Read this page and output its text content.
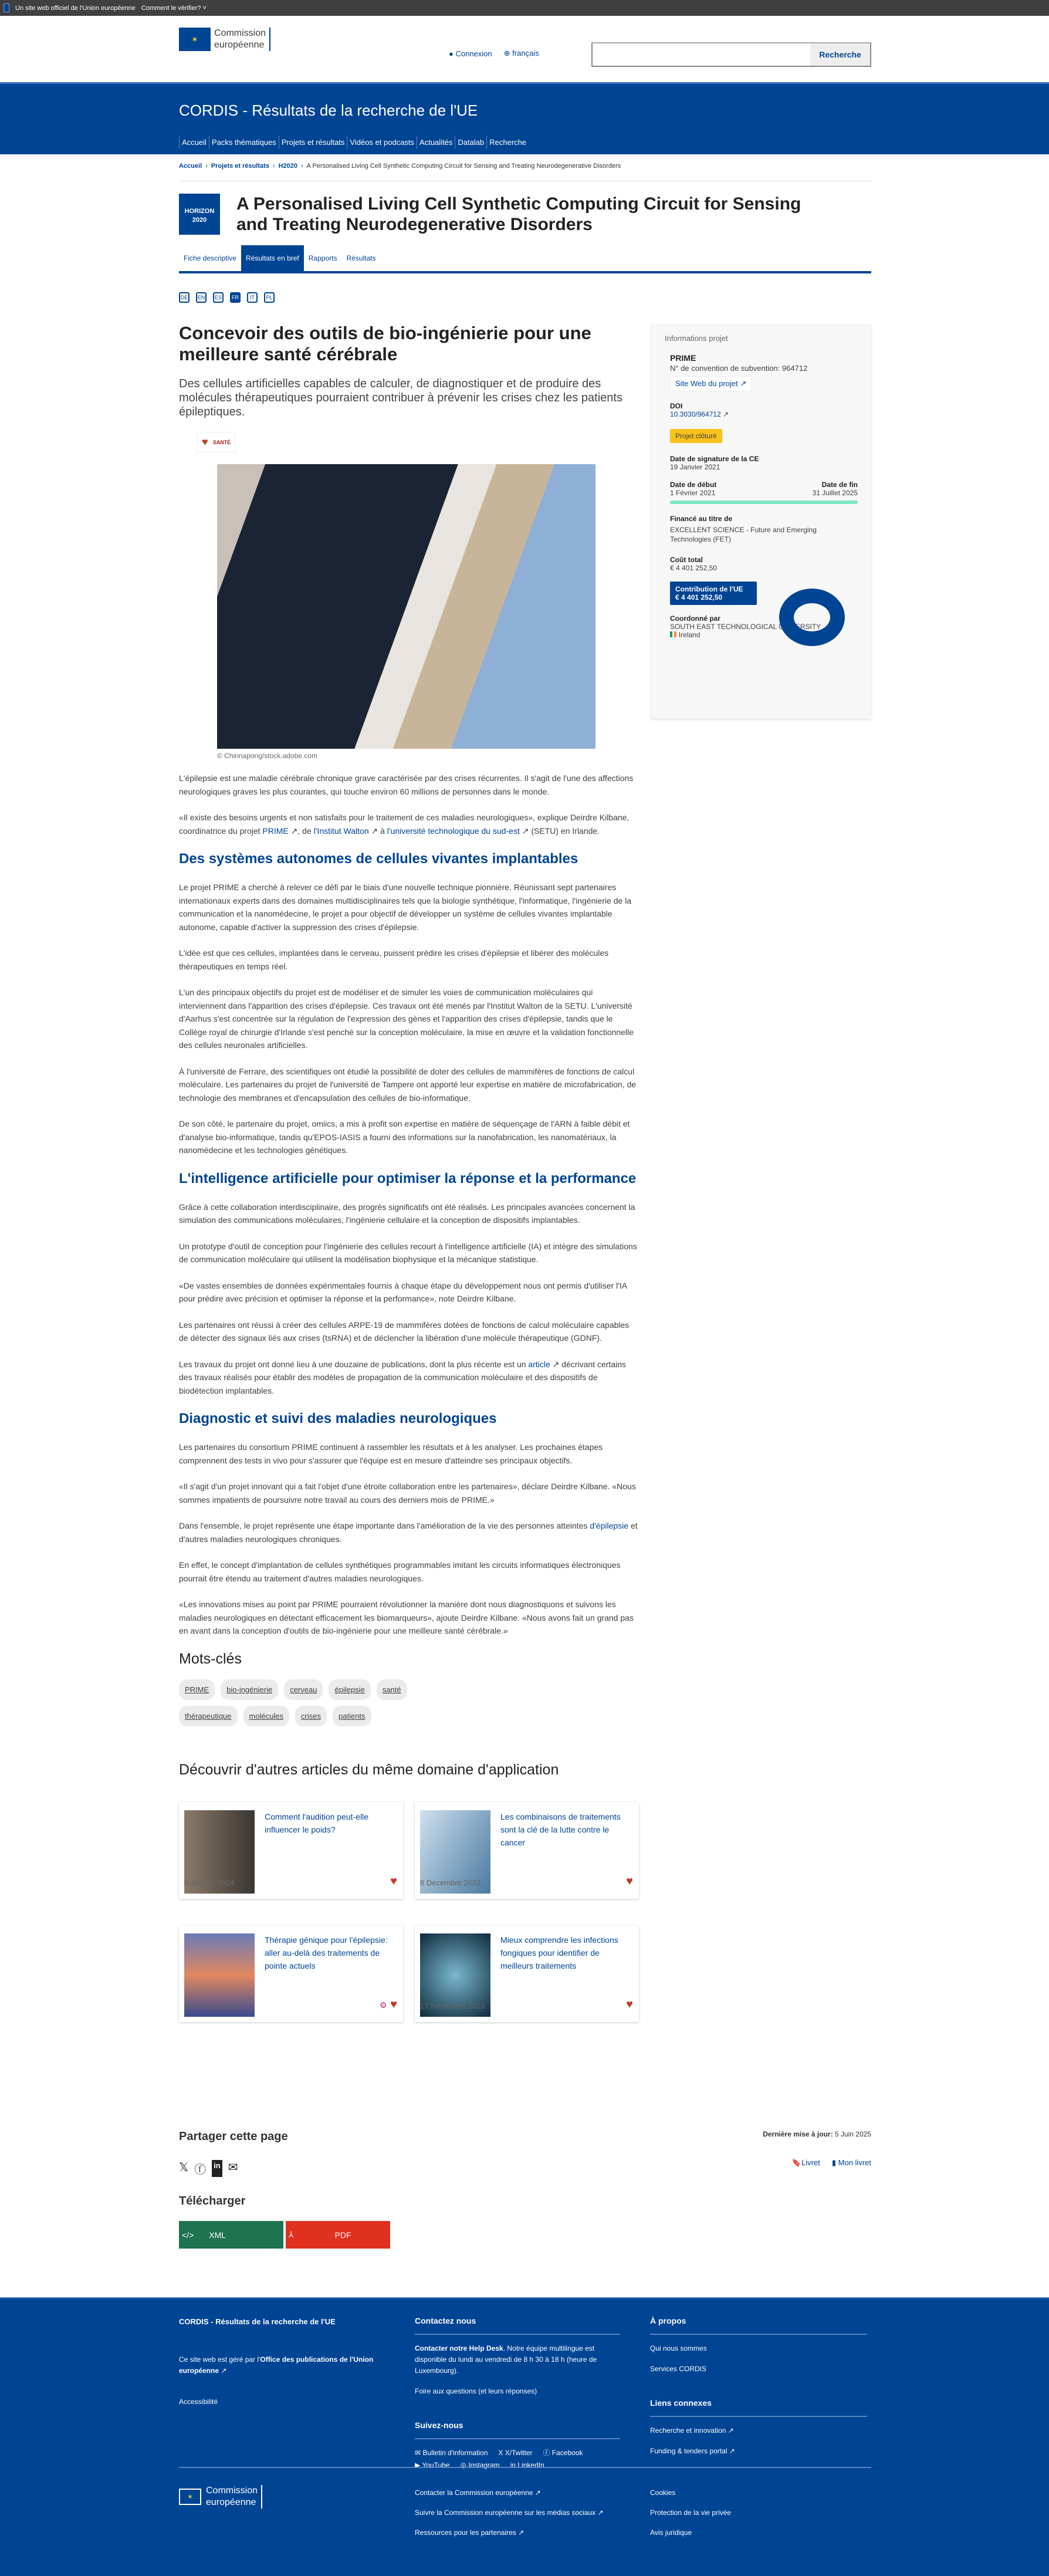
Un site web officiel de l'Union européenne Comment le vérifier? ˅
✶
Commission
européenne
● Connexion ⊕ français	Recherche
CORDIS - Résultats de la recherche de l'UE
Accueil Packs thématiques Projets et résultats Vidéos et podcasts Actualités Datalab Recherche
Accueil › Projets et résultats › H2020 › A Personalised Living Cell Synthetic Computing Circuit for Sensing and Treating Neurodegenerative Disorders
HORIZON
2020
A Personalised Living Cell Synthetic Computing Circuit for Sensing and Treating Neurodegenerative Disorders
Fiche descriptive	Résultats en bref	Rapports	Résultats
DE	EN	ES	FR	IT	PL
Concevoir des outils de bio-ingénierie pour une meilleure santé cérébrale
Des cellules artificielles capables de calculer, de diagnostiquer et de produire des molécules thérapeutiques pourraient contribuer à prévenir les crises chez les patients épileptiques.
♥ SANTÉ
© Chinnapong/stock.adobe.com

L'épilepsie est une maladie cérébrale chronique grave caractérisée par des crises récurrentes. Il s'agit de l'une des affections neurologiques graves les plus courantes, qui touche environ 60 millions de personnes dans le monde.

«Il existe des besoins urgents et non satisfaits pour le traitement de ces maladies neurologiques», explique Deirdre Kilbane, coordinatrice du projet PRIME ↗, de l'Institut Walton ↗ à l'université technologique du sud-est ↗ (SETU) en Irlande.

Des systèmes autonomes de cellules vivantes implantables

Le projet PRIME a cherché à relever ce défi par le biais d'une nouvelle technique pionnière. Réunissant sept partenaires internationaux experts dans des domaines multidisciplinaires tels que la biologie synthétique, l'informatique, l'ingénierie de la communication et la nanomédecine, le projet a pour objectif de développer un système de cellules vivantes implantable autonome, capable d'activer la suppression des crises d'épilepsie.

L'idée est que ces cellules, implantées dans le cerveau, puissent prédire les crises d'épilepsie et libérer des molécules thérapeutiques en temps réel.

L'un des principaux objectifs du projet est de modéliser et de simuler les voies de communication moléculaires qui interviennent dans l'apparition des crises d'épilepsie. Ces travaux ont été menés par l'Institut Walton de la SETU. L'université d'Aarhus s'est concentrée sur la régulation de l'expression des gènes et l'apparition des crises d'épilepsie, tandis que le Collège royal de chirurgie d'Irlande s'est penché sur la conception moléculaire, la mise en œuvre et la validation fonctionnelle des cellules neuronales artificielles.

À l'université de Ferrare, des scientifiques ont étudié la possibilité de doter des cellules de mammifères de fonctions de calcul moléculaire. Les partenaires du projet de l'université de Tampere ont apporté leur expertise en matière de microfabrication, de technologie des membranes et d'encapsulation des cellules de bio-informatique.

De son côté, le partenaire du projet, omiics, a mis à profit son expertise en matière de séquençage de l'ARN à faible débit et d'analyse bio-informatique, tandis qu'EPOS-IASIS a fourni des informations sur la nanofabrication, les nanomatériaux, la nanomédecine et les technologies génétiques.

L'intelligence artificielle pour optimiser la réponse et la performance

Grâce à cette collaboration interdisciplinaire, des progrès significatifs ont été réalisés. Les principales avancées concernent la simulation des communications moléculaires, l'ingénierie cellulaire et la conception de dispositifs implantables.

Un prototype d'outil de conception pour l'ingénierie des cellules recourt à l'intelligence artificielle (IA) et intègre des simulations de communication moléculaire qui utilisent la modélisation biophysique et la mécanique statistique.

«De vastes ensembles de données expérimentales fournis à chaque étape du développement nous ont permis d'utiliser l'IA pour prédire avec précision et optimiser la réponse et la performance», note Deirdre Kilbane.

Les partenaires ont réussi à créer des cellules ARPE-19 de mammifères dotées de fonctions de calcul moléculaire capables de détecter des signaux liés aux crises (tsRNA) et de déclencher la libération d'une molécule thérapeutique (GDNF).

Les travaux du projet ont donné lieu à une douzaine de publications, dont la plus récente est un article ↗ décrivant certains des travaux réalisés pour établir des modèles de propagation de la communication moléculaire et des dispositifs de biodétection implantables.

Diagnostic et suivi des maladies neurologiques

Les partenaires du consortium PRIME continuent à rassembler les résultats et à les analyser. Les prochaines étapes comprennent des tests in vivo pour s'assurer que l'équipe est en mesure d'atteindre ses principaux objectifs.

«Il s'agit d'un projet innovant qui a fait l'objet d'une étroite collaboration entre les partenaires», déclare Deirdre Kilbane. «Nous sommes impatients de poursuivre notre travail au cours des derniers mois de PRIME.»

Dans l'ensemble, le projet représente une étape importante dans l'amélioration de la vie des personnes atteintes d'épilepsie et d'autres maladies neurologiques chroniques.

En effet, le concept d'implantation de cellules synthétiques programmables imitant les circuits informatiques électroniques pourrait être étendu au traitement d'autres maladies neurologiques.

«Les innovations mises au point par PRIME pourraient révolutionner la manière dont nous diagnostiquons et suivons les maladies neurologiques en détectant efficacement les biomarqueurs», ajoute Deirdre Kilbane. «Nous avons fait un grand pas en avant dans la conception d'outils de bio-ingénierie pour une meilleure santé cérébrale.»

Mots-clés
PRIME	bio-ingénierie	cerveau	épilepsie	santé
thérapeutique	molécules	crises	patients
Découvrir d'autres articles du même domaine d'application
Comment l'audition peut-elle influencer le poids?
9 Janvier 2024	♥
Les combinaisons de traitements sont la clé de la lutte contre le cancer
8 Decembre 2023	♥
Thérapie génique pour l'épilepsie: aller au-delà des traitements de pointe actuels
28 Janvier 2022	⚙ ♥
Mieux comprendre les infections fongiques pour identifier de meilleurs traitements
17 Novembre 2023	♥
Informations projet
PRIME
N° de convention de subvention: 964712
Site Web du projet ↗
DOI
10.3030/964712 ↗
Projet clôturé
Date de signature de la CE
19 Janvier 2021
Date de début	Date de fin
1 Février 2021	31 Juillet 2025
Financé au titre de
EXCELLENT SCIENCE - Future and Emerging Technologies (FET)
Coût total
€ 4 401 252,50
Contribution de l'UE
€ 4 401 252,50
Coordonné par
SOUTH EAST TECHNOLOGICAL UNIVERSITY
Ireland
Partager cette page	Dernière mise à jour: 5 Juin 2025
🔖Livret ▮ Mon livret
𝕏 ⓕ in ✉
Télécharger
</> XML	⅄	PDF
CORDIS - Résultats de la recherche de l'UE
Ce site web est géré par l'Office des publications de l'Union européenne ↗
Accessibilité
Contactez nous
Contacter notre Help Desk. Notre équipe multilingue est disponible du lundi au vendredi de 8 h 30 à 18 h (heure de Luxembourg).
Foire aux questions (et leurs réponses)
Suivez-nous
✉ Bulletin d'information X X/Twitter ⓕ Facebook
▶ YouTube ◎ Instagram in LinkedIn
À propos
Qui nous sommes
Services CORDIS
Liens connexes
Recherche et innovation ↗
Funding & tenders portal ↗
✶
Commission
européenne
Contacter la Commission européenne ↗
Suivre la Commission européenne sur les médias sociaux ↗
Ressources pour les partenaires ↗
Cookies
Protection de la vie privée
Avis juridique
